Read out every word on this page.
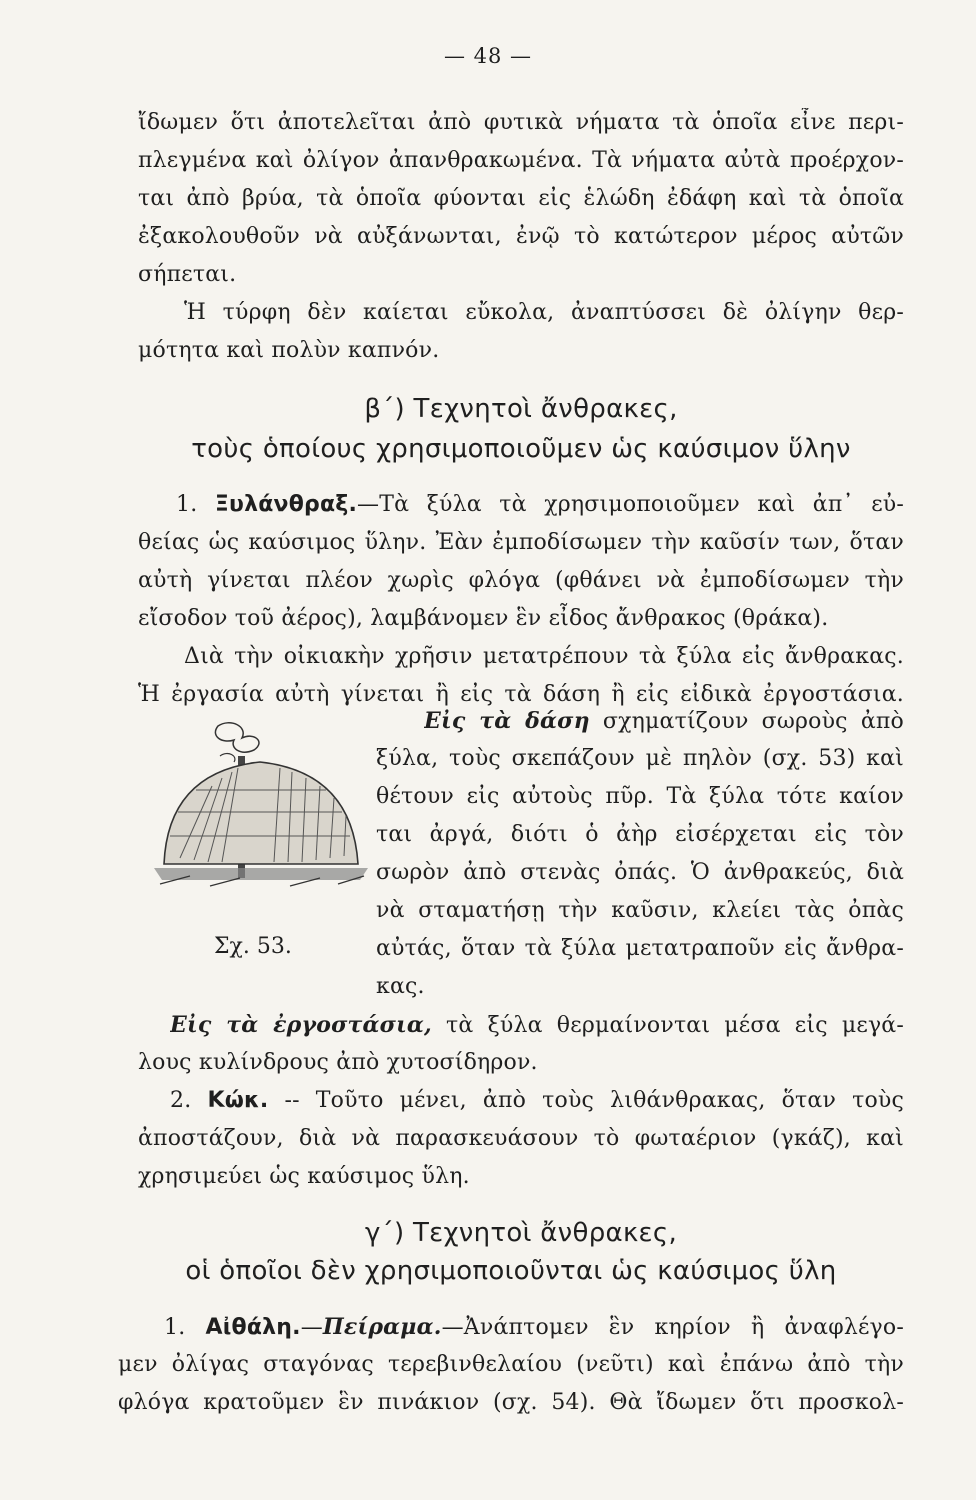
— 48 —
ἴδωμεν ὅτι ἀποτελεῖται ἀπὸ φυτικὰ νήματα τὰ ὁποῖα εἶνε περι-
πλεγμένα καὶ ὀλίγον ἀπανθρακωμένα. Τὰ νήματα αὐτὰ προέρχον-
ται ἀπὸ βρύα, τὰ ὁποῖα φύονται εἰς ἑλώδη ἐδάφη καὶ τὰ ὁποῖα
ἐξακολουθοῦν νὰ αὐξάνωνται, ἐνῷ τὸ κατώτερον μέρος αὐτῶν
σήπεται.
Ἡ τύρφη δὲν καίεται εὔκολα, ἀναπτύσσει δὲ ὀλίγην θερ-
μότητα καὶ πολὺν καπνόν.
β΄) Τεχνητοὶ ἄνθρακες,
τοὺς ὁποίους χρησιμοποιοῦμεν ὡς καύσιμον ὕλην
1. Ξυλάνθραξ.—Τὰ ξύλα τὰ χρησιμοποιοῦμεν καὶ ἀπ᾿ εὐ-
θείας ὡς καύσιμος ὕλην. Ἐὰν ἐμποδίσωμεν τὴν καῦσίν των, ὅταν
αὐτὴ γίνεται πλέον χωρὶς φλόγα (φθάνει νὰ ἐμποδίσωμεν τὴν
εἴσοδον τοῦ ἀέρος), λαμβάνομεν ἓν εἶδος ἄνθρακος (θράκα).
Διὰ τὴν οἰκιακὴν χρῆσιν μετατρέπουν τὰ ξύλα εἰς ἄνθρακας.
Ἡ ἐργασία αὐτὴ γίνεται ἢ εἰς τὰ δάση ἢ εἰς εἰδικὰ ἐργοστάσια.
Εἰς τὰ δάση σχηματίζουν σωροὺς ἀπὸ
ξύλα, τοὺς σκεπάζουν μὲ πηλὸν (σχ. 53) καὶ
θέτουν εἰς αὐτοὺς πῦρ. Τὰ ξύλα τότε καίον
ται ἀργά, διότι ὁ ἀὴρ εἰσέρχεται εἰς τὸν
σωρὸν ἀπὸ στενὰς ὀπάς. Ὁ ἀνθρακεύς, διὰ
νὰ σταματήσῃ τὴν καῦσιν, κλείει τὰς ὀπὰς
αὐτάς, ὅταν τὰ ξύλα μετατραποῦν εἰς ἄνθρα-
κας.
Σχ. 53.
Εἰς τὰ ἐργοστάσια, τὰ ξύλα θερμαίνονται μέσα εἰς μεγά-
λους κυλίνδρους ἀπὸ χυτοσίδηρον.
2. Κώκ. -- Τοῦτο μένει, ἀπὸ τοὺς λιθάνθρακας, ὅταν τοὺς
ἀποστάζουν, διὰ νὰ παρασκευάσουν τὸ φωταέριον (γκάζ), καὶ
χρησιμεύει ὡς καύσιμος ὕλη.
γ΄) Τεχνητοὶ ἄνθρακες,
οἱ ὁποῖοι δὲν χρησιμοποιοῦνται ὡς καύσιμος ὕλη
1. Αἰθάλη.—Πείραμα.—Ἀνάπτομεν ἓν κηρίον ἢ ἀναφλέγο-
μεν ὀλίγας σταγόνας τερεβινθελαίου (νεῦτι) καὶ ἐπάνω ἀπὸ τὴν
φλόγα κρατοῦμεν ἓν πινάκιον (σχ. 54). Θὰ ἴδωμεν ὅτι προσκολ-
